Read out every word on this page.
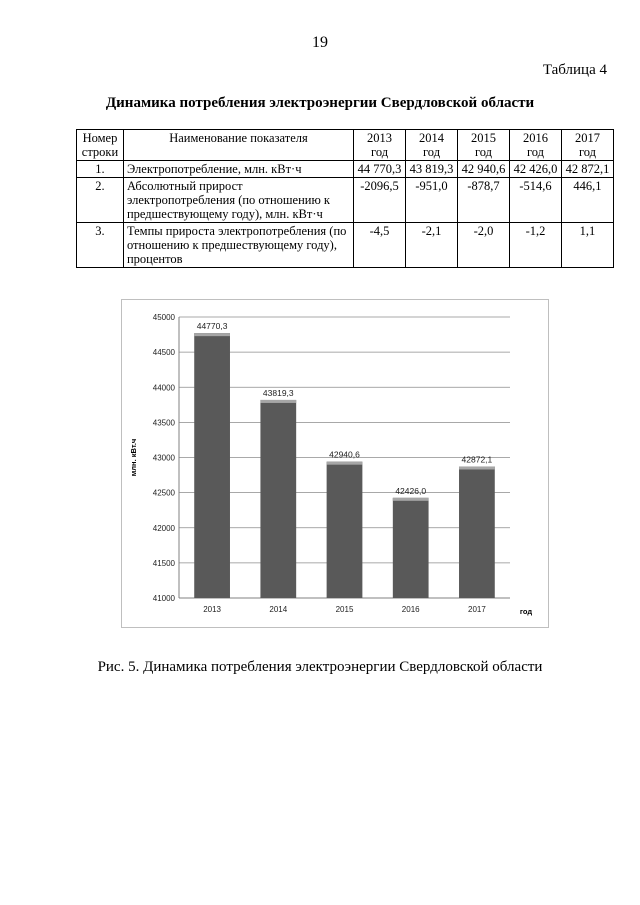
19
Таблица 4
Динамика потребления электроэнергии Свердловской области
Номер строки	Наименование показателя	2013 год	2014 год	2015 год	2016 год	2017 год
1.	Электропотребление, млн. кВт·ч	44 770,3	43 819,3	42 940,6	42 426,0	42 872,1
2.	Абсолютный прирост электропотребления (по отношению к предшествующему году), млн. кВт·ч	-2096,5	-951,0	-878,7	-514,6	446,1
3.	Темпы прироста электропотребления (по отношению к предшествующему году), процентов	-4,5	-2,1	-2,0	-1,2	1,1
41000
41500
42000
42500
43000
43500
44000
44500
45000
44770,3
2013
43819,3
2014
42940,6
2015
42426,0
2016
42872,1
2017
млн. кВт.ч
год
Рис. 5. Динамика потребления электроэнергии Свердловской области
